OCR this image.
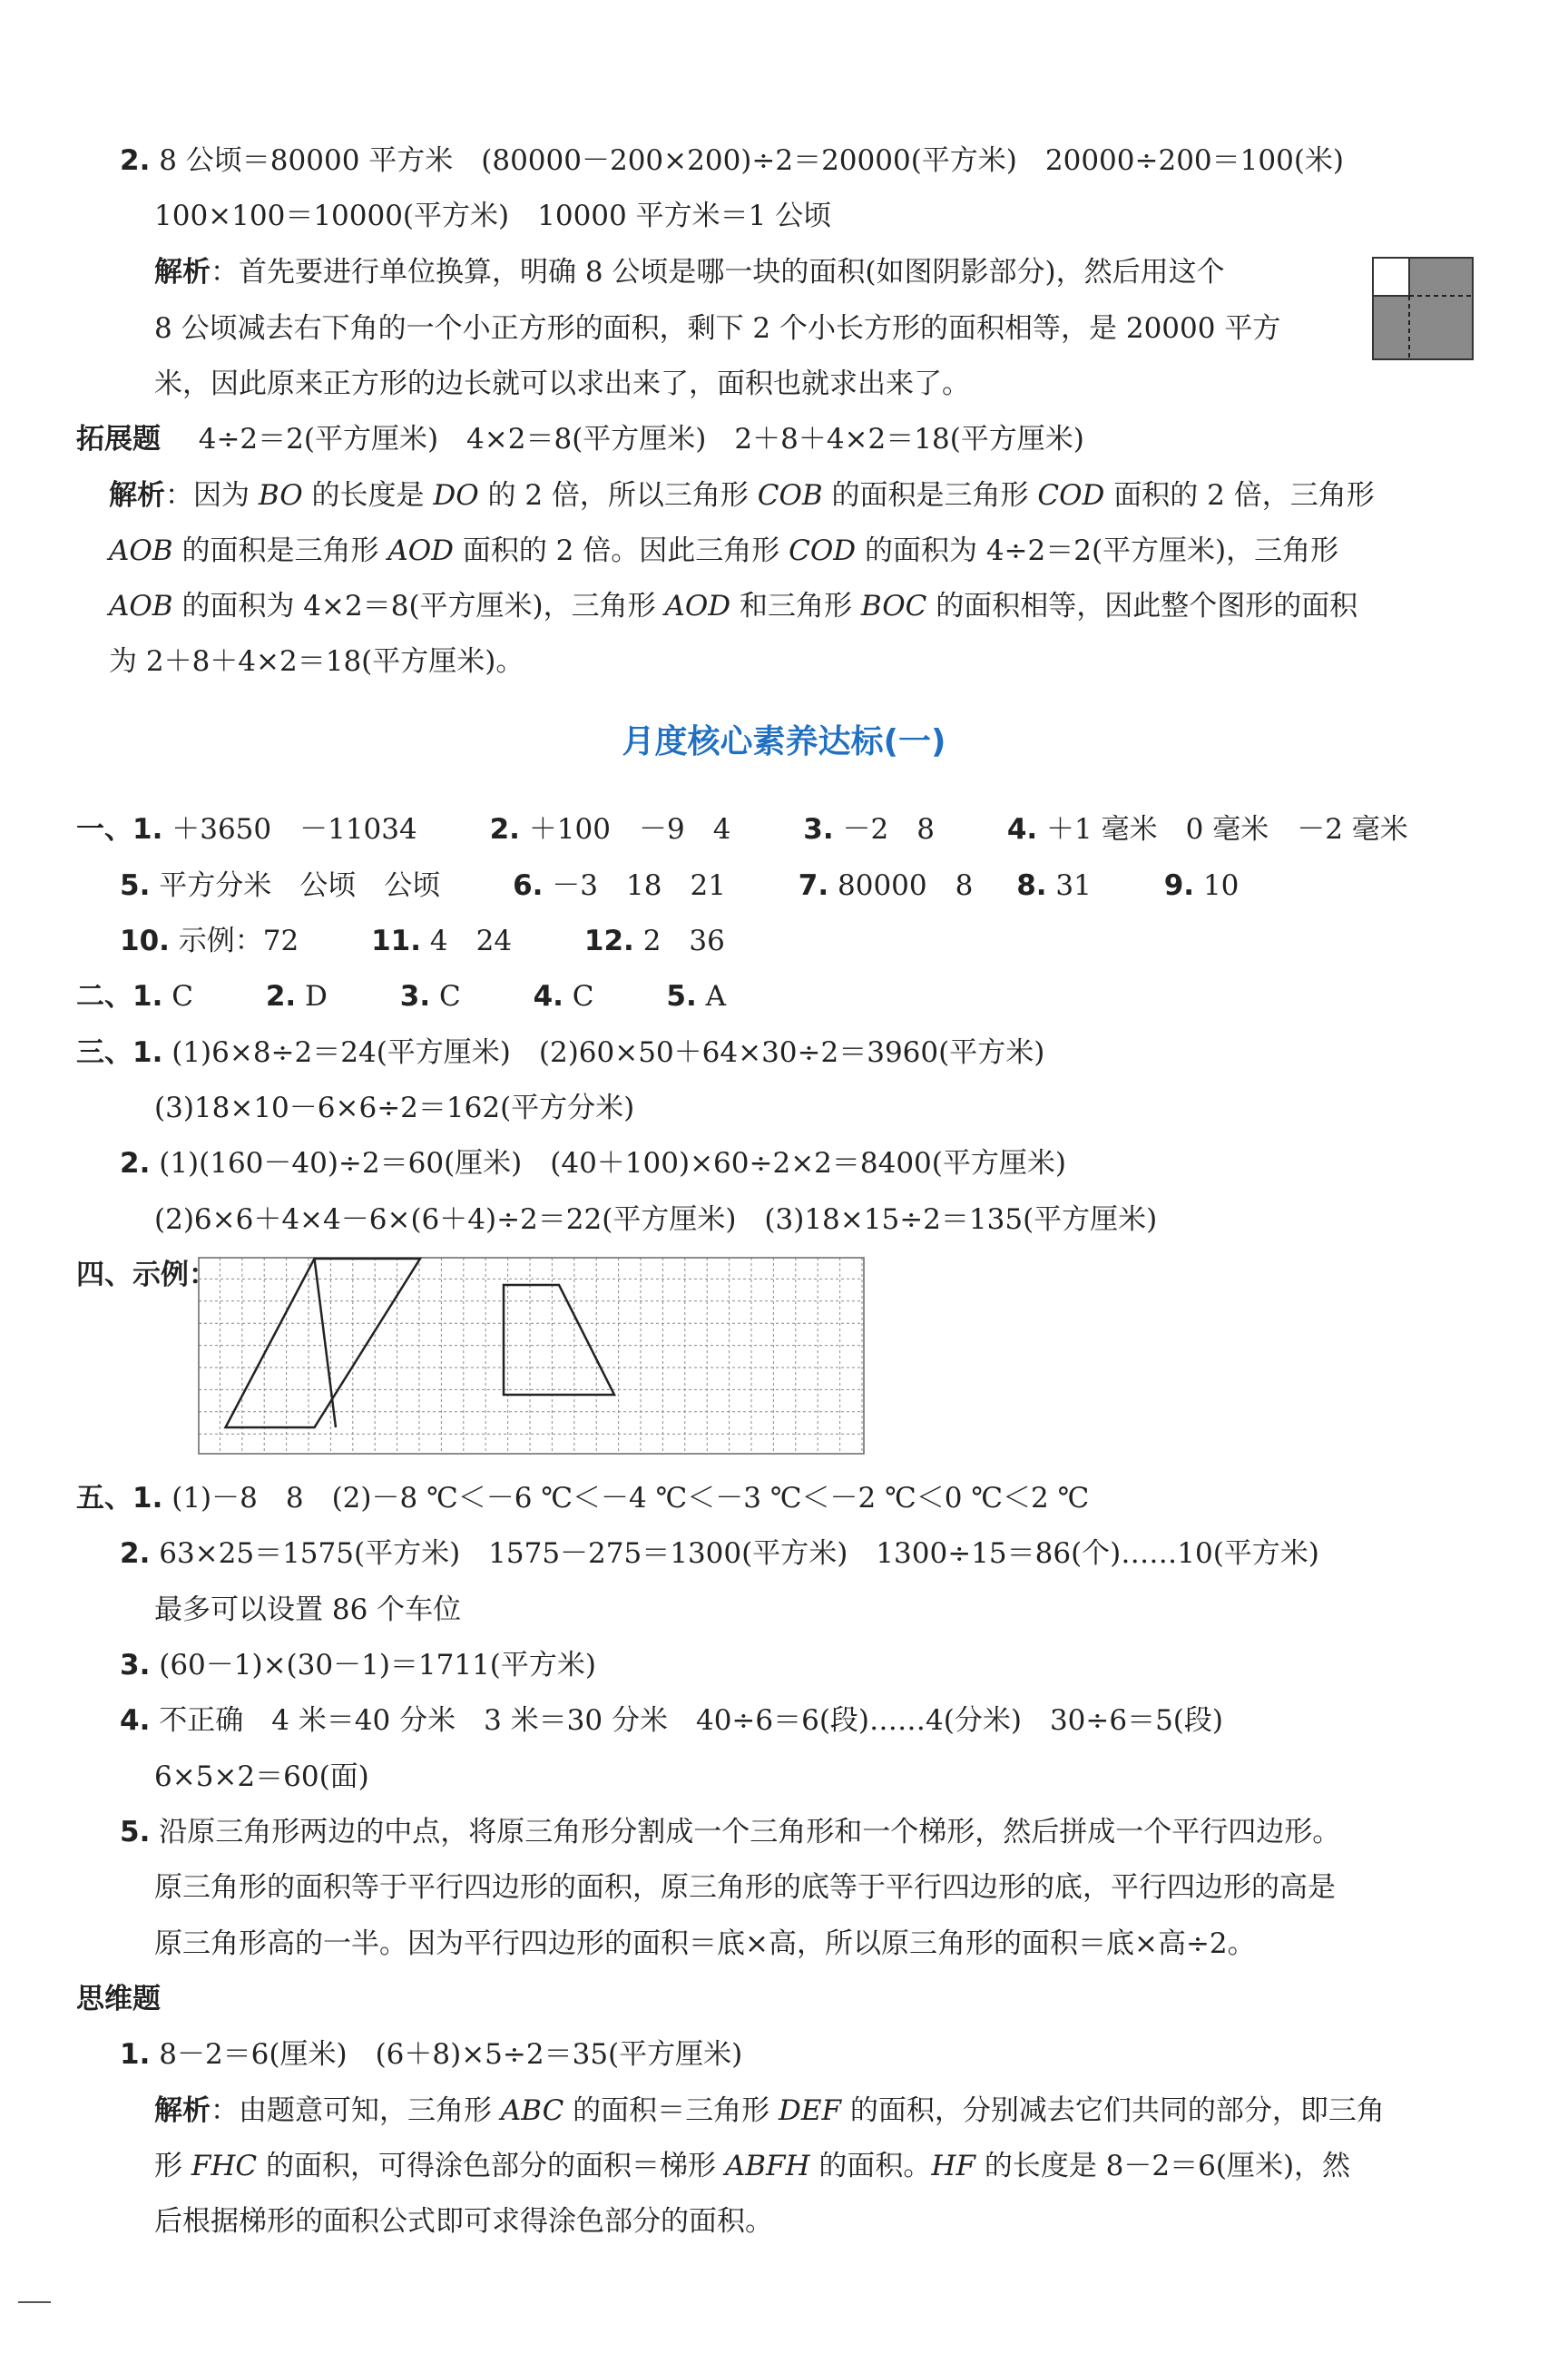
2. 8 公顷＝80000 平方米　(80000－200×200)÷2＝20000(平方米)　20000÷200＝100(米)
100×100＝10000(平方米)　10000 平方米＝1 公顷
解析：首先要进行单位换算，明确 8 公顷是哪一块的面积(如图阴影部分)，然后用这个
8 公顷减去右下角的一个小正方形的面积，剩下 2 个小长方形的面积相等，是 20000 平方
米，因此原来正方形的边长就可以求出来了，面积也就求出来了。
拓展题 4÷2＝2(平方厘米)　4×2＝8(平方厘米)　2＋8＋4×2＝18(平方厘米)
解析：因为 BO 的长度是 DO 的 2 倍，所以三角形 COB 的面积是三角形 COD 面积的 2 倍，三角形
AOB 的面积是三角形 AOD 面积的 2 倍。因此三角形 COD 的面积为 4÷2＝2(平方厘米)，三角形
AOB 的面积为 4×2＝8(平方厘米)，三角形 AOD 和三角形 BOC 的面积相等，因此整个图形的面积
为 2＋8＋4×2＝18(平方厘米)。
月度核心素养达标(一)
一、1. ＋3650　－11034	2. ＋100　－9　4	3. －2　8	4. ＋1 毫米　0 毫米　－2 毫米
5. 平方分米　公顷　公顷	6. －3　18　21	7. 80000　8 8. 31	9. 10
10. 示例：72	11. 4　24	12. 2　36
二、1. C	2. D	3. C	4. C	5. A
三、1. (1)6×8÷2＝24(平方厘米)　(2)60×50＋64×30÷2＝3960(平方米)
(3)18×10－6×6÷2＝162(平方分米)
2. (1)(160－40)÷2＝60(厘米)　(40＋100)×60÷2×2＝8400(平方厘米)
(2)6×6＋4×4－6×(6＋4)÷2＝22(平方厘米)　(3)18×15÷2＝135(平方厘米)
四、示例：
五、1. (1)－8　8　(2)－8 ℃＜－6 ℃＜－4 ℃＜－3 ℃＜－2 ℃＜0 ℃＜2 ℃
2. 63×25＝1575(平方米)　1575－275＝1300(平方米)　1300÷15＝86(个)……10(平方米)
最多可以设置 86 个车位
3. (60－1)×(30－1)＝1711(平方米)
4. 不正确　4 米＝40 分米　3 米＝30 分米　40÷6＝6(段)……4(分米)　30÷6＝5(段)
6×5×2＝60(面)
5. 沿原三角形两边的中点，将原三角形分割成一个三角形和一个梯形，然后拼成一个平行四边形。
原三角形的面积等于平行四边形的面积，原三角形的底等于平行四边形的底，平行四边形的高是
原三角形高的一半。因为平行四边形的面积＝底×高，所以原三角形的面积＝底×高÷2。
思维题
1. 8－2＝6(厘米)　(6＋8)×5÷2＝35(平方厘米)
解析：由题意可知，三角形 ABC 的面积＝三角形 DEF 的面积，分别减去它们共同的部分，即三角
形 FHC 的面积，可得涂色部分的面积＝梯形 ABFH 的面积。HF 的长度是 8－2＝6(厘米)，然
后根据梯形的面积公式即可求得涂色部分的面积。
